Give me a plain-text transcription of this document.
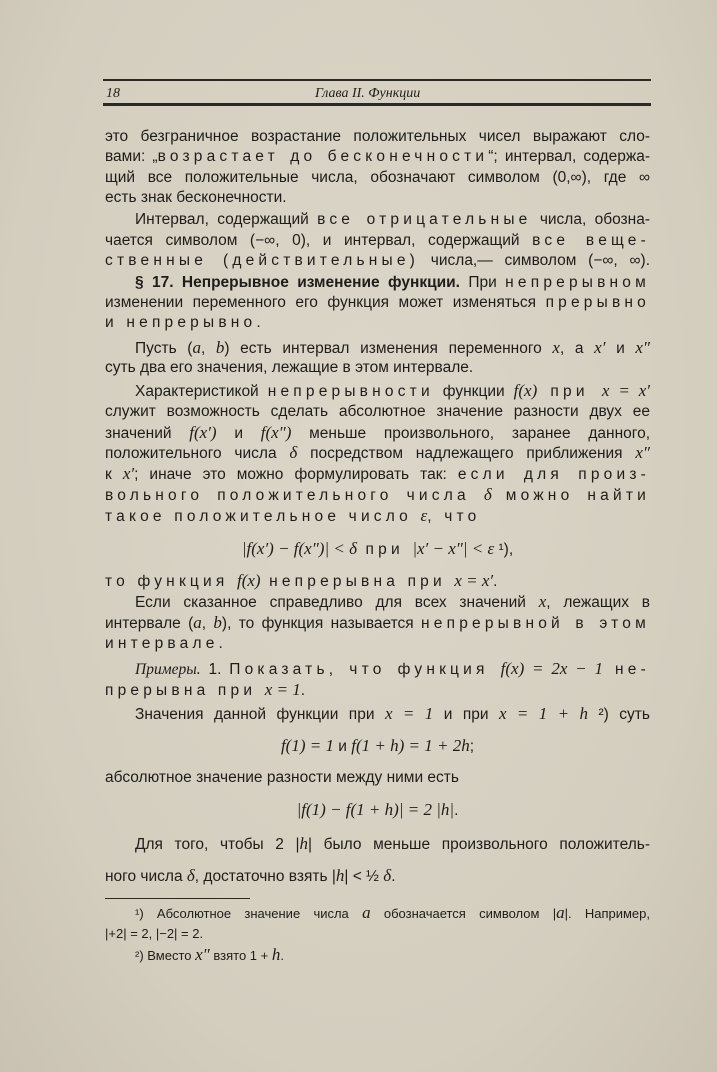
18	Глава II. Функции
это безграничное возрастание положительных чисел выражают сло-
вами: „возрастает до бесконечности“; интервал, содержа-
щий все положительные числа, обозначают символом (0,∞), где ∞
есть знак бесконечности.
Интервал, содержащий все отрицательные числа, обозна-
чается символом (−∞, 0), и интервал, содержащий все веще-
ственные (действительные) числа,— символом (−∞, ∞).
§ 17. Непрерывное изменение функции. При непрерывном
изменении переменного его функция может изменяться прерывно
и непрерывно.
Пусть (a, b) есть интервал изменения переменного x, а x′ и x″
суть два его значения, лежащие в этом интервале.
Характеристикой непрерывности функции f(x) при x = x′
служит возможность сделать абсолютное значение разности двух ее
значений f(x′) и f(x″) меньше произвольного, заранее данного,
положительного числа δ посредством надлежащего приближения x″
к x′; иначе это можно формулировать так: если для произ-
вольного положительного числа δ можно найти
такое положительное число ε, что
|f(x′) − f(x″)| < δ при |x′ − x″| < ε ¹),
то функция f(x) непрерывна при x = x′.
Если сказанное справедливо для всех значений x, лежащих в
интервале (a, b), то функция называется непрерывной в этом
интервале.
Примеры. 1. Показать, что функция f(x) = 2x − 1 не-
прерывна при x = 1.
Значения данной функции при x = 1 и при x = 1 + h ²) суть
f(1) = 1 и f(1 + h) = 1 + 2h;
абсолютное значение разности между ними есть
|f(1) − f(1 + h)| = 2 |h|.
Для того, чтобы 2 |h| было меньше произвольного положитель-
ного числа δ, достаточно взять |h| < ½ δ.
¹) Абсолютное значение числа a обозначается символом |a|. Например,
|+2| = 2, |−2| = 2.
²) Вместо x″ взято 1 + h.
